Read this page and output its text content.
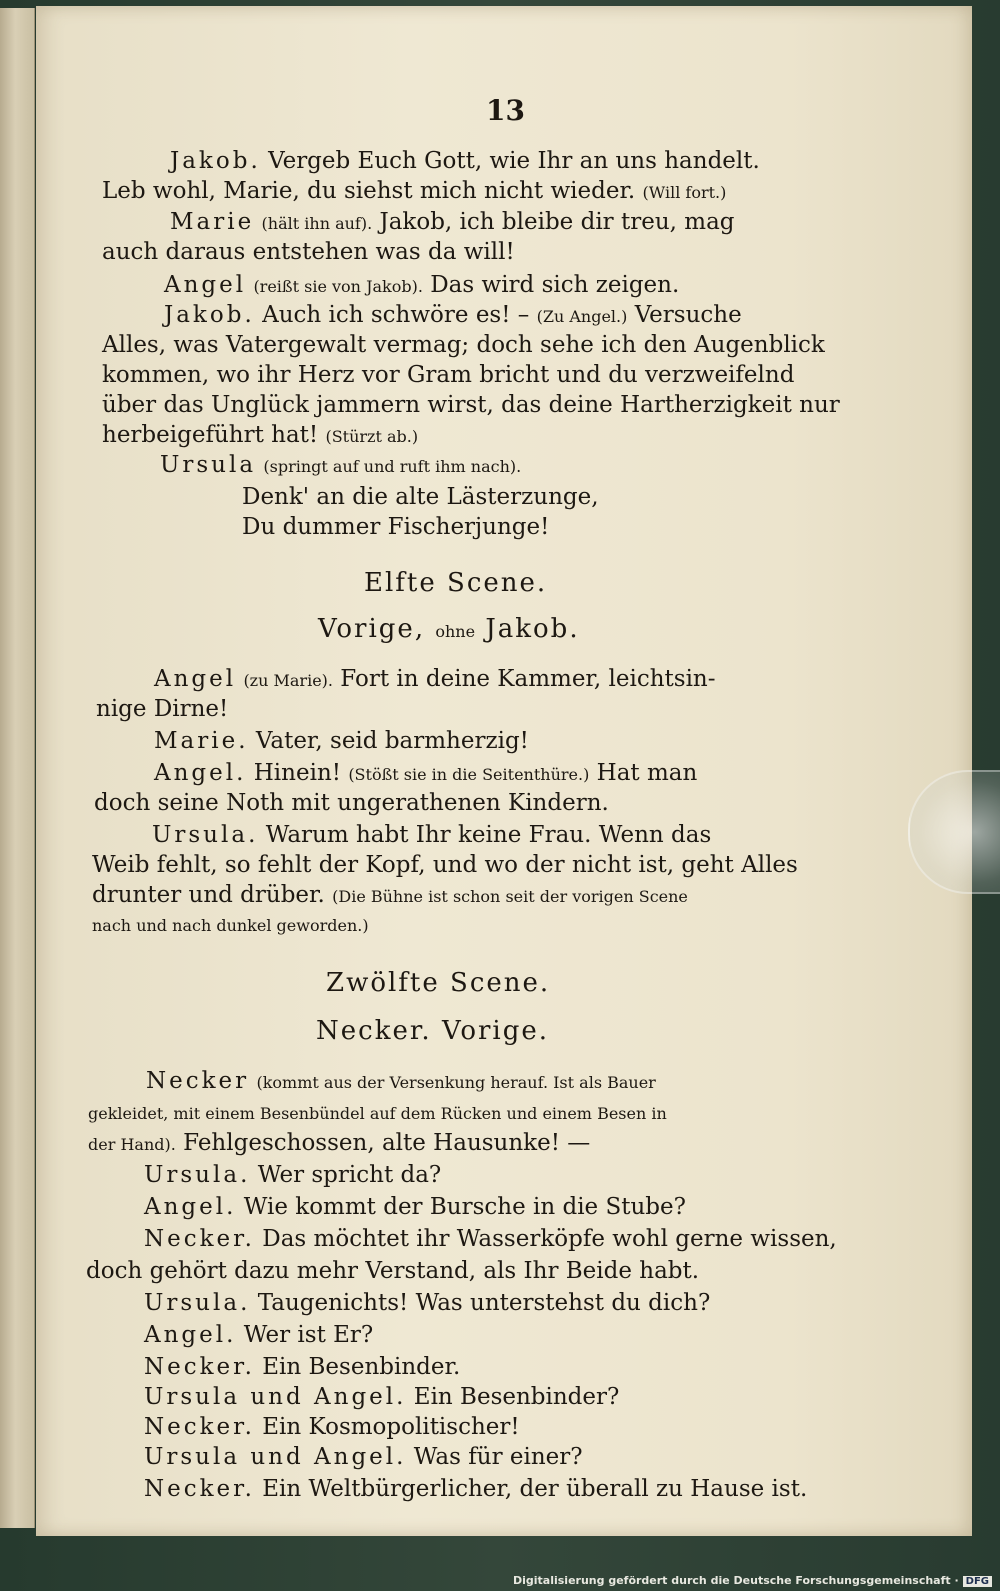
13
Jakob. Vergeb Euch Gott, wie Ihr an uns handelt.
Leb wohl, Marie, du siehst mich nicht wieder. (Will fort.)
Marie (hält ihn auf). Jakob, ich bleibe dir treu, mag
auch daraus entstehen was da will!
Angel (reißt sie von Jakob). Das wird sich zeigen.
Jakob. Auch ich schwöre es! – (Zu Angel.) Versuche
Alles, was Vatergewalt vermag; doch sehe ich den Augenblick
kommen, wo ihr Herz vor Gram bricht und du verzweifelnd
über das Unglück jammern wirst, das deine Hartherzigkeit nur
herbeigeführt hat! (Stürzt ab.)
Ursula (springt auf und ruft ihm nach).
Denk' an die alte Lästerzunge,
Du dummer Fischerjunge!
Elfte Scene.
Vorige, ohne Jakob.
Angel (zu Marie). Fort in deine Kammer, leichtsin-
nige Dirne!
Marie. Vater, seid barmherzig!
Angel. Hinein! (Stößt sie in die Seitenthüre.) Hat man
doch seine Noth mit ungerathenen Kindern.
Ursula. Warum habt Ihr keine Frau. Wenn das
Weib fehlt, so fehlt der Kopf, und wo der nicht ist, geht Alles
drunter und drüber. (Die Bühne ist schon seit der vorigen Scene
nach und nach dunkel geworden.)
Zwölfte Scene.
Necker. Vorige.
Necker (kommt aus der Versenkung herauf. Ist als Bauer
gekleidet, mit einem Besenbündel auf dem Rücken und einem Besen in
der Hand). Fehlgeschossen, alte Hausunke! —
Ursula. Wer spricht da?
Angel. Wie kommt der Bursche in die Stube?
Necker. Das möchtet ihr Wasserköpfe wohl gerne wissen,
doch gehört dazu mehr Verstand, als Ihr Beide habt.
Ursula. Taugenichts! Was unterstehst du dich?
Angel. Wer ist Er?
Necker. Ein Besenbinder.
Ursula und Angel. Ein Besenbinder?
Necker. Ein Kosmopolitischer!
Ursula und Angel. Was für einer?
Necker. Ein Weltbürgerlicher, der überall zu Hause ist.
Digitalisierung gefördert durch die Deutsche Forschungsgemeinschaft · DFG
